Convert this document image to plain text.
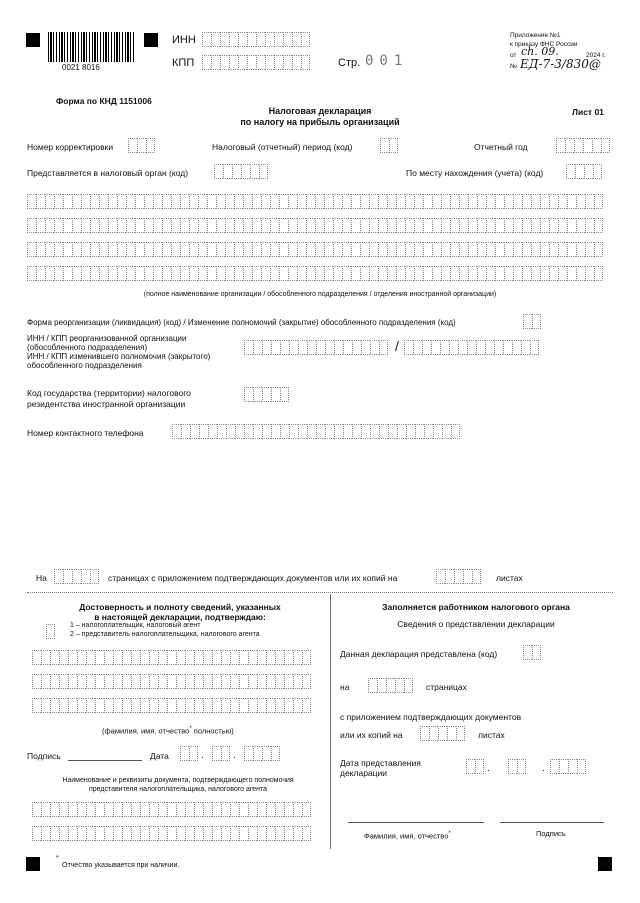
0021 8016
ИНН
КПП	Стр. 001
Приложение №1
к приказу ФНС России
от ch. 09.	2024 г.
№ ЕД-7-3/830@
Форма по КНД 1151006
Налоговая декларация
по налогу на прибыль организаций
Лист 01
Номер корректировки	Налоговый (отчетный) период (код)	Отчетный год
Представляется в налоговый орган (код)	По месту нахождения (учета) (код)
(полное наименование организации / обособленного подразделения / отделения иностранной организации)
Форма реорганизации (ликвидация) (код) / Изменение полномочий (закрытие) обособленного подразделения (код)
ИНН / КПП реорганизованной организации
(обособленного подразделения)
ИНН / КПП изменившего полномочия (закрытого)
обособленного подразделения
/
Код государства (территории) налогового
резидентства иностранной организации
Номер контактного телефона
На	страницах с приложением подтверждающих документов или их копий на	листах
Достоверность и полноту сведений, указанных
в настоящей декларации, подтверждаю:
1 – налогоплательщик, налоговый агент
2 – представитель налогоплательщика, налогового агента
(фамилия, имя, отчество* полностью)
Подпись	Дата	.	.
Наименование и реквизиты документа, подтверждающего полномочия
представителя налогоплательщика, налогового агента
Заполняется работником налогового органа
Сведения о представлении декларации
Данная декларация представлена (код)
на	страницах
с приложением подтверждающих документов
или их копий на	листах
Дата представления
декларации	.	.
Фамилия, имя, отчество*	Подпись
*
Отчество указывается при наличии.
